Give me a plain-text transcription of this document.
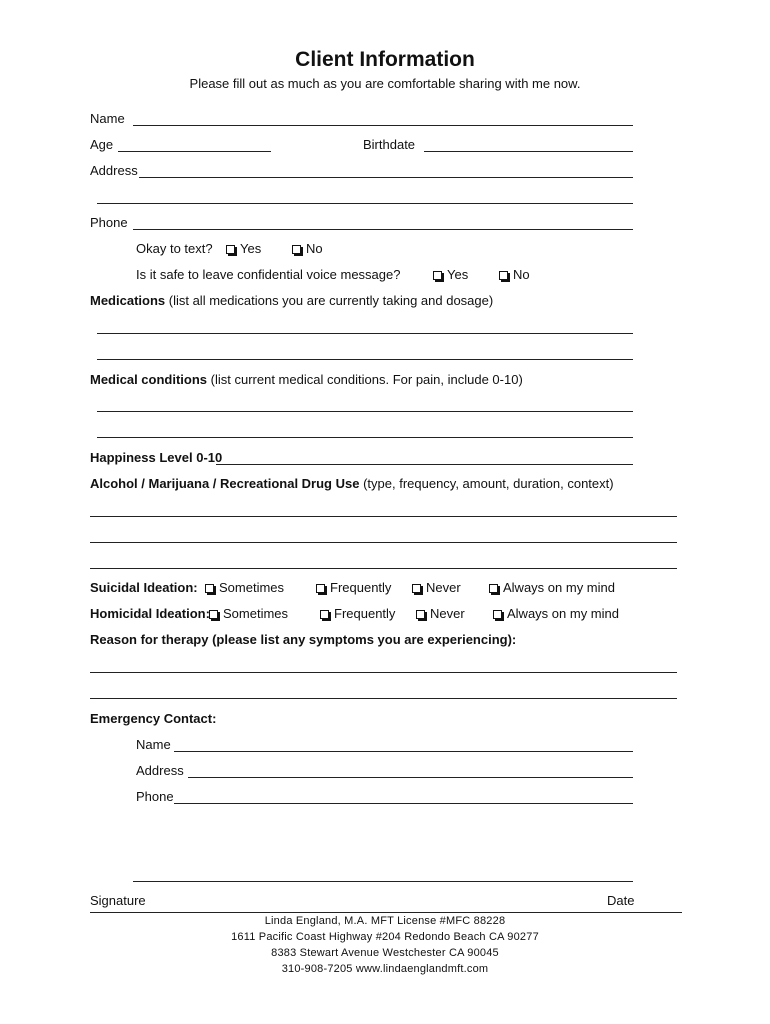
Client Information
Please fill out as much as you are comfortable sharing with me now.
Name
Age	Birthdate
Address
Phone
Okay to text?	Yes	No
Is it safe to leave confidential voice message?	Yes	No
Medications (list all medications you are currently taking and dosage)
Medical conditions (list current medical conditions. For pain, include 0-10)
Happiness Level 0-10
Alcohol / Marijuana / Recreational Drug Use (type, frequency, amount, duration, context)
Suicidal Ideation:	Sometimes	Frequently	Never	Always on my mind
Homicidal Ideation:	Sometimes	Frequently	Never	Always on my mind
Reason for therapy (please list any symptoms you are experiencing):
Emergency Contact:
Name
Address
Phone
Signature	Date
Linda England, M.A. MFT License #MFC 88228
1611 Pacific Coast Highway #204 Redondo Beach CA 90277
8383 Stewart Avenue Westchester CA 90045
310-908-7205 www.lindaenglandmft.com
